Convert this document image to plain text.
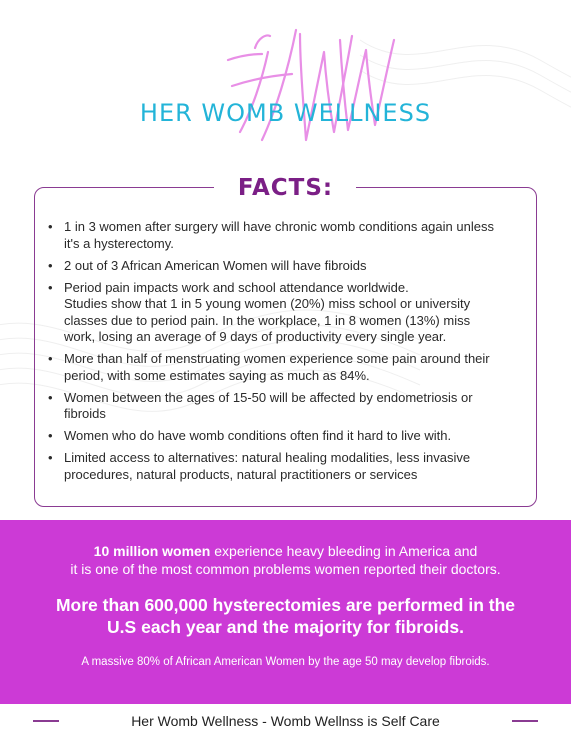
HER WOMB WELLNESS
FACTS:
• 1 in 3 women after surgery will have chronic womb conditions again unless
it's a hysterectomy.
• 2 out of 3 African American Women will have fibroids
• Period pain impacts work and school attendance worldwide.
Studies show that 1 in 5 young women (20%) miss school or university
classes due to period pain. In the workplace, 1 in 8 women (13%) miss
work, losing an average of 9 days of productivity every single year.
• More than half of menstruating women experience some pain around their
period, with some estimates saying as much as 84%.
• Women between the ages of 15-50 will be affected by endometriosis or
fibroids
• Women who do have womb conditions often find it hard to live with.
• Limited access to alternatives: natural healing modalities, less invasive
procedures, natural products, natural practitioners or services
10 million women experience heavy bleeding in America and
it is one of the most common problems women reported their doctors.
More than 600,000 hysterectomies are performed in the
U.S each year and the majority for fibroids.
A massive 80% of African American Women by the age 50 may develop fibroids.
Her Womb Wellness - Womb Wellnss is Self Care
